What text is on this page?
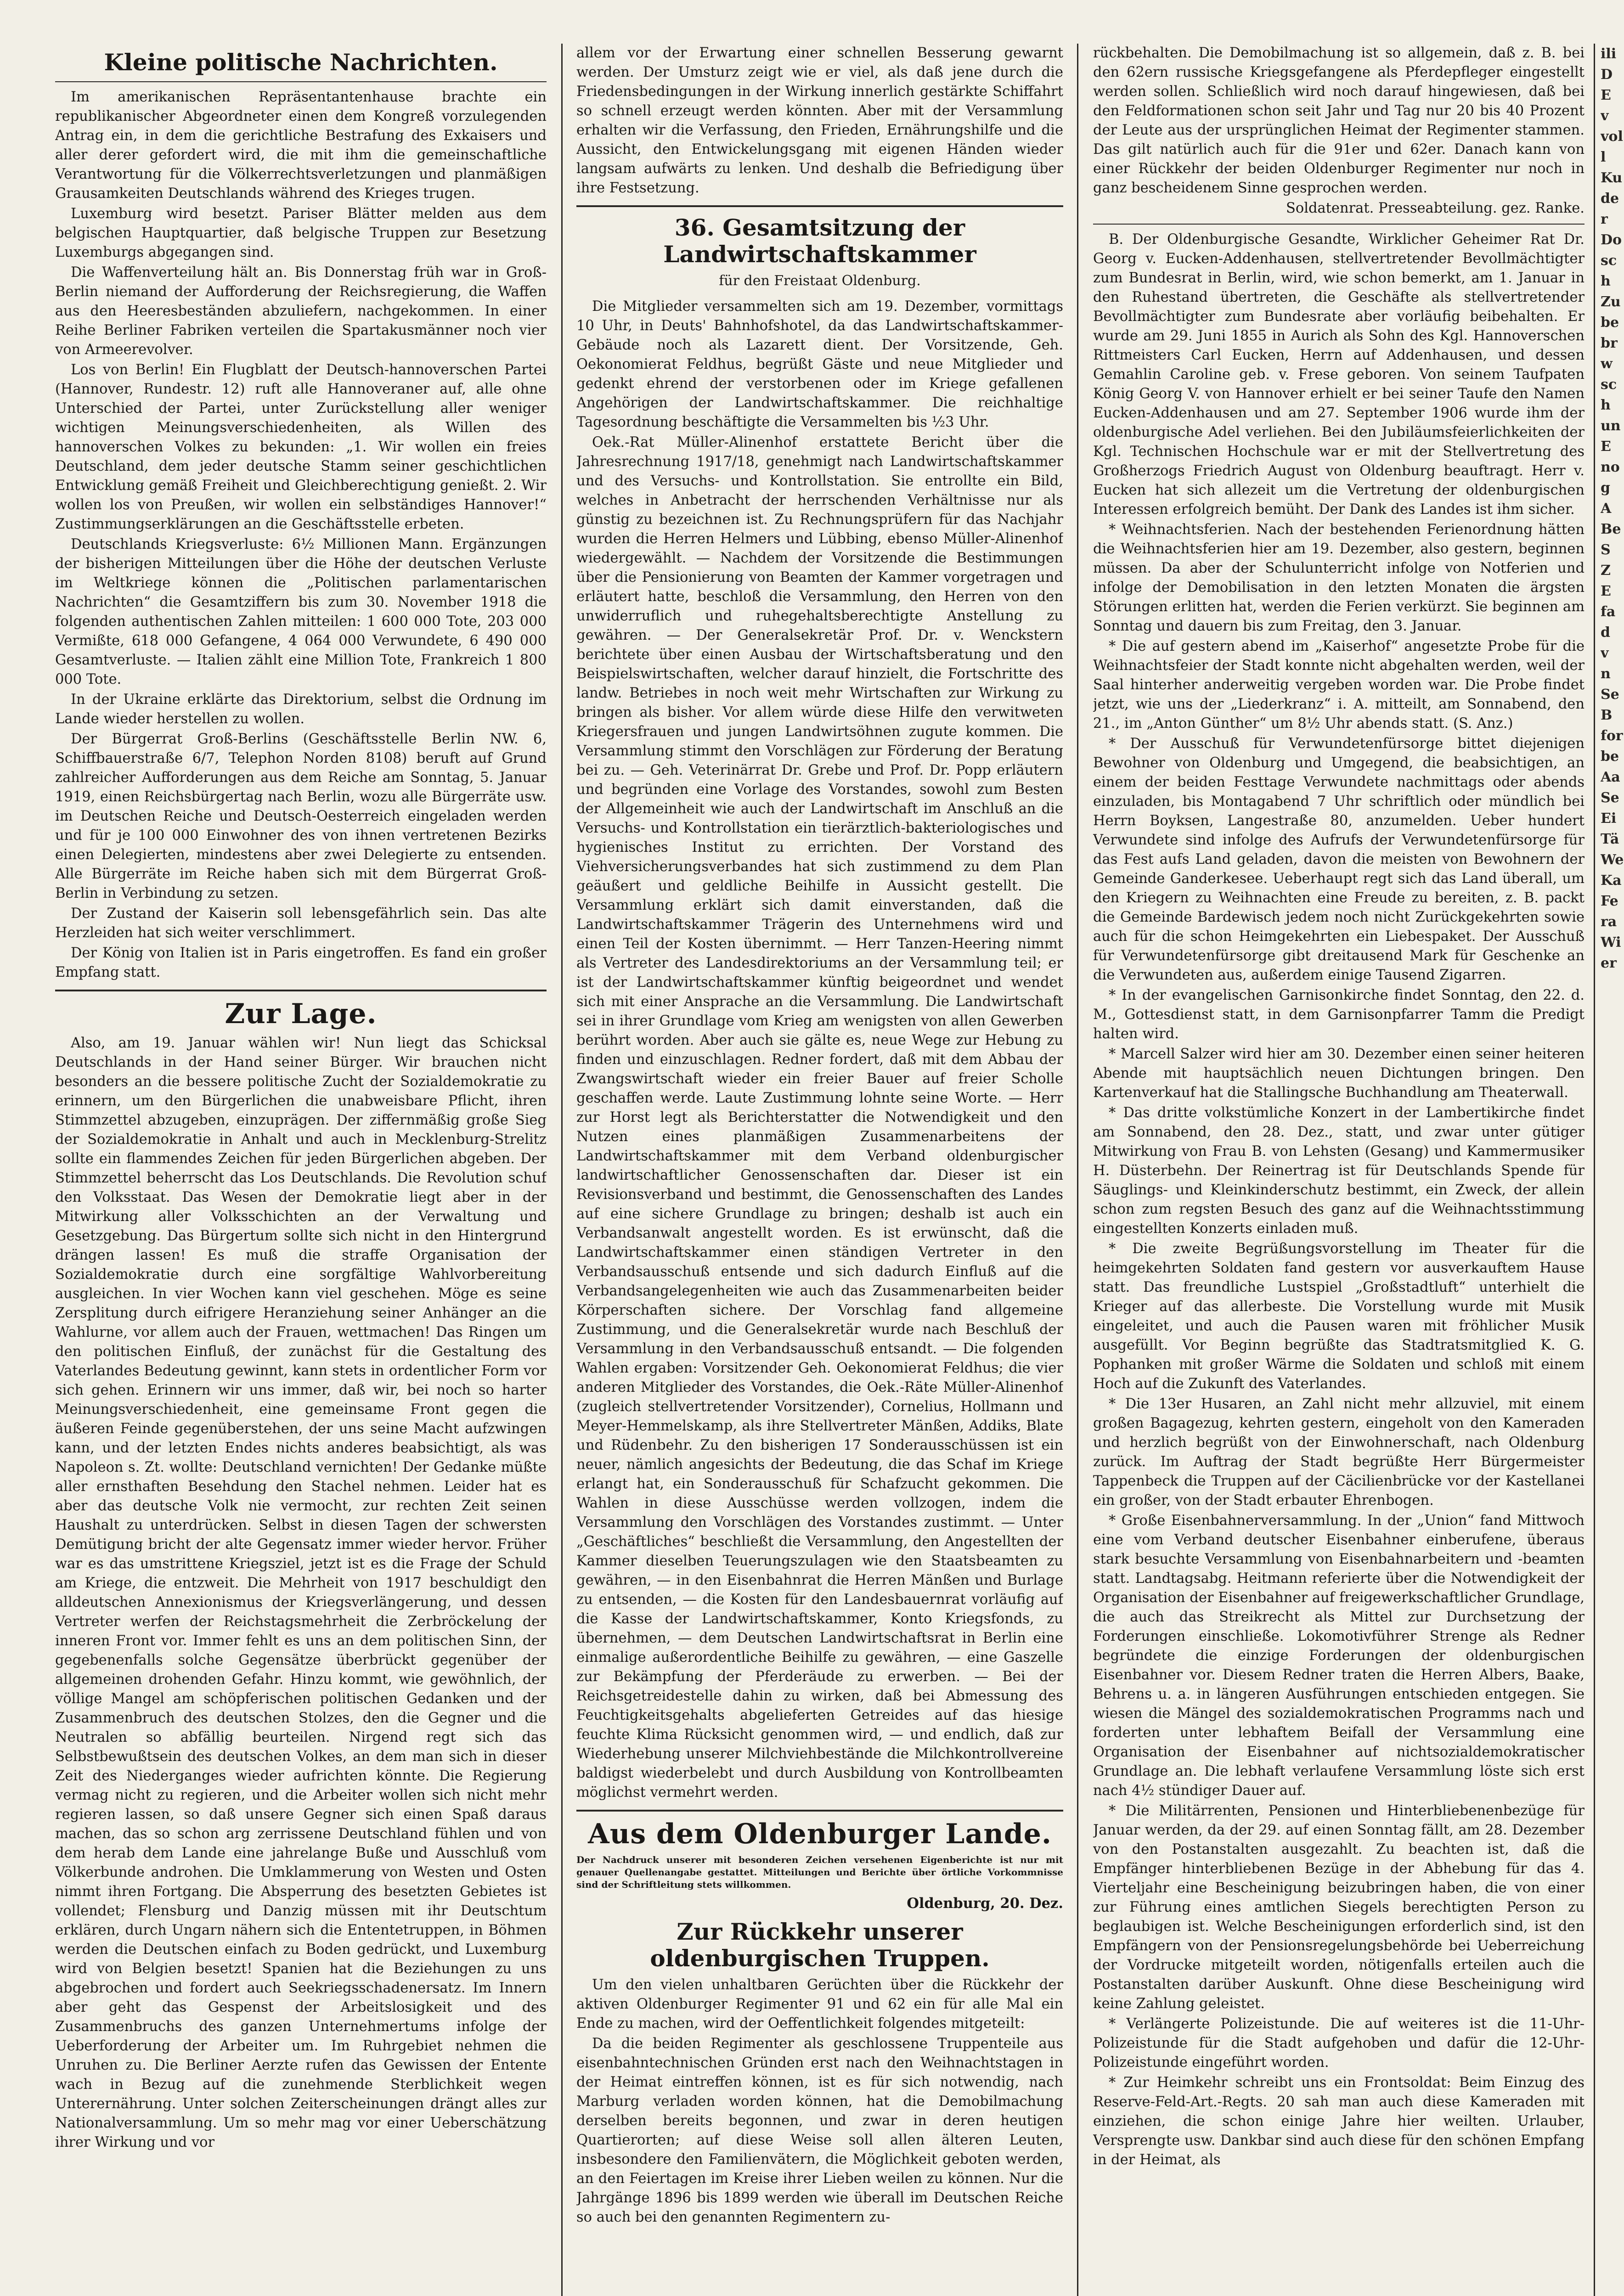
Kleine politische Nachrichten.

Im amerikanischen Repräsentantenhause brachte ein republikanischer Abgeordneter einen dem Kongreß vorzulegenden Antrag ein, in dem die gerichtliche Bestrafung des Exkaisers und aller derer gefordert wird, die mit ihm die gemeinschaftliche Verantwortung für die Völkerrechtsverletzungen und planmäßigen Grausamkeiten Deutschlands während des Krieges trugen.

Luxemburg wird besetzt. Pariser Blätter melden aus dem belgischen Hauptquartier, daß belgische Truppen zur Besetzung Luxemburgs abgegangen sind.

Die Waffenverteilung hält an. Bis Donnerstag früh war in Groß-Berlin niemand der Aufforderung der Reichsregierung, die Waffen aus den Heeresbeständen abzuliefern, nachgekommen. In einer Reihe Berliner Fabriken verteilen die Spartakusmänner noch vier von Armeerevolver.

Los von Berlin! Ein Flugblatt der Deutsch-hannoverschen Partei (Hannover, Rundestr. 12) ruft alle Hannoveraner auf, alle ohne Unterschied der Partei, unter Zurückstellung aller weniger wichtigen Meinungsverschiedenheiten, als Willen des hannoverschen Volkes zu bekunden: „1. Wir wollen ein freies Deutschland, dem jeder deutsche Stamm seiner geschichtlichen Entwicklung gemäß Freiheit und Gleichberechtigung genießt. 2. Wir wollen los von Preußen, wir wollen ein selbständiges Hannover!“ Zustimmungserklärungen an die Geschäftsstelle erbeten.

Deutschlands Kriegsverluste: 6½ Millionen Mann. Ergänzungen der bisherigen Mitteilungen über die Höhe der deutschen Verluste im Weltkriege können die „Politischen parlamentarischen Nachrichten“ die Gesamtziffern bis zum 30. November 1918 die folgenden authentischen Zahlen mitteilen: 1 600 000 Tote, 203 000 Vermißte, 618 000 Gefangene, 4 064 000 Verwundete, 6 490 000 Gesamtverluste. — Italien zählt eine Million Tote, Frankreich 1 800 000 Tote.

In der Ukraine erklärte das Direktorium, selbst die Ordnung im Lande wieder herstellen zu wollen.

Der Bürgerrat Groß-Berlins (Geschäftsstelle Berlin NW. 6, Schiffbauerstraße 6/7, Telephon Norden 8108) beruft auf Grund zahlreicher Aufforderungen aus dem Reiche am Sonntag, 5. Januar 1919, einen Reichsbürgertag nach Berlin, wozu alle Bürgerräte usw. im Deutschen Reiche und Deutsch-Oesterreich eingeladen werden und für je 100 000 Einwohner des von ihnen vertretenen Bezirks einen Delegierten, mindestens aber zwei Delegierte zu entsenden. Alle Bürgerräte im Reiche haben sich mit dem Bürgerrat Groß-Berlin in Verbindung zu setzen.

Der Zustand der Kaiserin soll lebensgefährlich sein. Das alte Herzleiden hat sich weiter verschlimmert.

Der König von Italien ist in Paris eingetroffen. Es fand ein großer Empfang statt.

Zur Lage.

Also, am 19. Januar wählen wir! Nun liegt das Schicksal Deutschlands in der Hand seiner Bürger. Wir brauchen nicht besonders an die bessere politische Zucht der Sozialdemokratie zu erinnern, um den Bürgerlichen die unabweisbare Pflicht, ihren Stimmzettel abzugeben, einzuprägen. Der ziffernmäßig große Sieg der Sozialdemokratie in Anhalt und auch in Mecklenburg-Strelitz sollte ein flammendes Zeichen für jeden Bürgerlichen abgeben. Der Stimmzettel beherrscht das Los Deutschlands. Die Revolution schuf den Volksstaat. Das Wesen der Demokratie liegt aber in der Mitwirkung aller Volksschichten an der Verwaltung und Gesetzgebung. Das Bürgertum sollte sich nicht in den Hintergrund drängen lassen! Es muß die straffe Organisation der Sozialdemokratie durch eine sorgfältige Wahlvorbereitung ausgleichen. In vier Wochen kann viel geschehen. Möge es seine Zersplitung durch eifrigere Heranziehung seiner Anhänger an die Wahlurne, vor allem auch der Frauen, wettmachen! Das Ringen um den politischen Einfluß, der zunächst für die Gestaltung des Vaterlandes Bedeutung gewinnt, kann stets in ordentlicher Form vor sich gehen. Erinnern wir uns immer, daß wir, bei noch so harter Meinungsverschiedenheit, eine gemeinsame Front gegen die äußeren Feinde gegenüberstehen, der uns seine Macht aufzwingen kann, und der letzten Endes nichts anderes beabsichtigt, als was Napoleon s. Zt. wollte: Deutschland vernichten! Der Gedanke müßte aller ernsthaften Besehdung den Stachel nehmen. Leider hat es aber das deutsche Volk nie vermocht, zur rechten Zeit seinen Haushalt zu unterdrücken. Selbst in diesen Tagen der schwersten Demütigung bricht der alte Gegensatz immer wieder hervor. Früher war es das umstrittene Kriegsziel, jetzt ist es die Frage der Schuld am Kriege, die entzweit. Die Mehrheit von 1917 beschuldigt den alldeutschen Annexionismus der Kriegsverlängerung, und dessen Vertreter werfen der Reichstagsmehrheit die Zerbröckelung der inneren Front vor. Immer fehlt es uns an dem politischen Sinn, der gegebenenfalls solche Gegensätze überbrückt gegenüber der allgemeinen drohenden Gefahr. Hinzu kommt, wie gewöhnlich, der völlige Mangel am schöpferischen politischen Gedanken und der Zusammenbruch des deutschen Stolzes, den die Gegner und die Neutralen so abfällig beurteilen. Nirgend regt sich das Selbstbewußtsein des deutschen Volkes, an dem man sich in dieser Zeit des Niederganges wieder aufrichten könnte. Die Regierung vermag nicht zu regieren, und die Arbeiter wollen sich nicht mehr regieren lassen, so daß unsere Gegner sich einen Spaß daraus machen, das so schon arg zerrissene Deutschland fühlen und von dem herab dem Lande eine jahrelange Buße und Ausschluß vom Völkerbunde androhen. Die Umklammerung von Westen und Osten nimmt ihren Fortgang. Die Absperrung des besetzten Gebietes ist vollendet; Flensburg und Danzig müssen mit ihr Deutschtum erklären, durch Ungarn nähern sich die Ententetruppen, in Böhmen werden die Deutschen einfach zu Boden gedrückt, und Luxemburg wird von Belgien besetzt! Spanien hat die Beziehungen zu uns abgebrochen und fordert auch Seekriegsschadenersatz. Im Innern aber geht das Gespenst der Arbeitslosigkeit und des Zusammenbruchs des ganzen Unternehmertums infolge der Ueberforderung der Arbeiter um. Im Ruhrgebiet nehmen die Unruhen zu. Die Berliner Aerzte rufen das Gewissen der Entente wach in Bezug auf die zunehmende Sterblichkeit wegen Unterernährung. Unter solchen Zeiterscheinungen drängt alles zur Nationalversammlung. Um so mehr mag vor einer Ueberschätzung ihrer Wirkung und vor

allem vor der Erwartung einer schnellen Besserung gewarnt werden. Der Umsturz zeigt wie er viel, als daß jene durch die Friedensbedingungen in der Wirkung innerlich gestärkte Schiffahrt so schnell erzeugt werden könnten. Aber mit der Versammlung erhalten wir die Verfassung, den Frieden, Ernährungshilfe und die Aussicht, den Entwickelungsgang mit eigenen Händen wieder langsam aufwärts zu lenken. Und deshalb die Befriedigung über ihre Festsetzung.

36. Gesamtsitzung der Landwirtschaftskammer
für den Freistaat Oldenburg.

Die Mitglieder versammelten sich am 19. Dezember, vormittags 10 Uhr, in Deuts' Bahnhofshotel, da das Landwirtschaftskammer-Gebäude noch als Lazarett dient. Der Vorsitzende, Geh. Oekonomierat Feldhus, begrüßt Gäste und neue Mitglieder und gedenkt ehrend der verstorbenen oder im Kriege gefallenen Angehörigen der Landwirtschaftskammer. Die reichhaltige Tagesordnung beschäftigte die Versammelten bis ½3 Uhr.

Oek.-Rat Müller-Alinenhof erstattete Bericht über die Jahresrechnung 1917/18, genehmigt nach Landwirtschaftskammer und des Versuchs- und Kontrollstation. Sie entrollte ein Bild, welches in Anbetracht der herrschenden Verhältnisse nur als günstig zu bezeichnen ist. Zu Rechnungsprüfern für das Nachjahr wurden die Herren Helmers und Lübbing, ebenso Müller-Alinenhof wiedergewählt. — Nachdem der Vorsitzende die Bestimmungen über die Pensionierung von Beamten der Kammer vorgetragen und erläutert hatte, beschloß die Versammlung, den Herren von den unwiderruflich und ruhegehaltsberechtigte Anstellung zu gewähren. — Der Generalsekretär Prof. Dr. v. Wenckstern berichtete über einen Ausbau der Wirtschaftsberatung und den Beispielswirtschaften, welcher darauf hinzielt, die Fortschritte des landw. Betriebes in noch weit mehr Wirtschaften zur Wirkung zu bringen als bisher. Vor allem würde diese Hilfe den verwitweten Kriegersfrauen und jungen Landwirtsöhnen zugute kommen. Die Versammlung stimmt den Vorschlägen zur Förderung der Beratung bei zu. — Geh. Veterinärrat Dr. Grebe und Prof. Dr. Popp erläutern und begründen eine Vorlage des Vorstandes, sowohl zum Besten der Allgemeinheit wie auch der Landwirtschaft im Anschluß an die Versuchs- und Kontrollstation ein tierärztlich-bakteriologisches und hygienisches Institut zu errichten. Der Vorstand des Viehversicherungsverbandes hat sich zustimmend zu dem Plan geäußert und geldliche Beihilfe in Aussicht gestellt. Die Versammlung erklärt sich damit einverstanden, daß die Landwirtschaftskammer Trägerin des Unternehmens wird und einen Teil der Kosten übernimmt. — Herr Tanzen-Heering nimmt als Vertreter des Landesdirektoriums an der Versammlung teil; er ist der Landwirtschaftskammer künftig beigeordnet und wendet sich mit einer Ansprache an die Versammlung. Die Landwirtschaft sei in ihrer Grundlage vom Krieg am wenigsten von allen Gewerben berührt worden. Aber auch sie gälte es, neue Wege zur Hebung zu finden und einzuschlagen. Redner fordert, daß mit dem Abbau der Zwangswirtschaft wieder ein freier Bauer auf freier Scholle geschaffen werde. Laute Zustimmung lohnte seine Worte. — Herr zur Horst legt als Berichterstatter die Notwendigkeit und den Nutzen eines planmäßigen Zusammenarbeitens der Landwirtschaftskammer mit dem Verband oldenburgischer landwirtschaftlicher Genossenschaften dar. Dieser ist ein Revisionsverband und bestimmt, die Genossenschaften des Landes auf eine sichere Grundlage zu bringen; deshalb ist auch ein Verbandsanwalt angestellt worden. Es ist erwünscht, daß die Landwirtschaftskammer einen ständigen Vertreter in den Verbandsausschuß entsende und sich dadurch Einfluß auf die Verbandsangelegenheiten wie auch das Zusammenarbeiten beider Körperschaften sichere. Der Vorschlag fand allgemeine Zustimmung, und die Generalsekretär wurde nach Beschluß der Versammlung in den Verbandsausschuß entsandt. — Die folgenden Wahlen ergaben: Vorsitzender Geh. Oekonomierat Feldhus; die vier anderen Mitglieder des Vorstandes, die Oek.-Räte Müller-Alinenhof (zugleich stellvertretender Vorsitzender), Cornelius, Hollmann und Meyer-Hemmelskamp, als ihre Stellvertreter Mänßen, Addiks, Blate und Rüdenbehr. Zu den bisherigen 17 Sonderausschüssen ist ein neuer, nämlich angesichts der Bedeutung, die das Schaf im Kriege erlangt hat, ein Sonderausschuß für Schafzucht gekommen. Die Wahlen in diese Ausschüsse werden vollzogen, indem die Versammlung den Vorschlägen des Vorstandes zustimmt. — Unter „Geschäftliches“ beschließt die Versammlung, den Angestellten der Kammer dieselben Teuerungszulagen wie den Staatsbeamten zu gewähren, — in den Eisenbahnrat die Herren Mänßen und Burlage zu entsenden, — die Kosten für den Landesbauernrat vorläufig auf die Kasse der Landwirtschaftskammer, Konto Kriegsfonds, zu übernehmen, — dem Deutschen Landwirtschaftsrat in Berlin eine einmalige außerordentliche Beihilfe zu gewähren, — eine Gaszelle zur Bekämpfung der Pferderäude zu erwerben. — Bei der Reichsgetreidestelle dahin zu wirken, daß bei Abmessung des Feuchtigkeitsgehalts abgelieferten Getreides auf das hiesige feuchte Klima Rücksicht genommen wird, — und endlich, daß zur Wiederhebung unserer Milchviehbestände die Milchkontrollvereine baldigst wiederbelebt und durch Ausbildung von Kontrollbeamten möglichst vermehrt werden.

Aus dem Oldenburger Lande.
Der Nachdruck unserer mit besonderen Zeichen versehenen Eigenberichte ist nur mit genauer Quellenangabe gestattet. Mitteilungen und Berichte über örtliche Vorkommnisse sind der Schriftleitung stets willkommen.
Oldenburg, 20. Dez.
Zur Rückkehr unserer oldenburgischen Truppen.

Um den vielen unhaltbaren Gerüchten über die Rückkehr der aktiven Oldenburger Regimenter 91 und 62 ein für alle Mal ein Ende zu machen, wird der Oeffentlichkeit folgendes mitgeteilt:

Da die beiden Regimenter als geschlossene Truppenteile aus eisenbahntechnischen Gründen erst nach den Weihnachtstagen in der Heimat eintreffen können, ist es für sich notwendig, nach Marburg verladen worden können, hat die Demobilmachung derselben bereits begonnen, und zwar in deren heutigen Quartierorten; auf diese Weise soll allen älteren Leuten, insbesondere den Familienvätern, die Möglichkeit geboten werden, an den Feiertagen im Kreise ihrer Lieben weilen zu können. Nur die Jahrgänge 1896 bis 1899 werden wie überall im Deutschen Reiche so auch bei den genannten Regimentern zu-

rückbehalten. Die Demobilmachung ist so allgemein, daß z. B. bei den 62ern russische Kriegsgefangene als Pferdepfleger eingestellt werden sollen. Schließlich wird noch darauf hingewiesen, daß bei den Feldformationen schon seit Jahr und Tag nur 20 bis 40 Prozent der Leute aus der ursprünglichen Heimat der Regimenter stammen. Das gilt natürlich auch für die 91er und 62er. Danach kann von einer Rückkehr der beiden Oldenburger Regimenter nur noch in ganz bescheidenem Sinne gesprochen werden.

Soldatenrat. Presseabteilung. gez. Ranke.

B. Der Oldenburgische Gesandte, Wirklicher Geheimer Rat Dr. Georg v. Eucken-Addenhausen, stellvertretender Bevollmächtigter zum Bundesrat in Berlin, wird, wie schon bemerkt, am 1. Januar in den Ruhestand übertreten, die Geschäfte als stellvertretender Bevollmächtigter zum Bundesrate aber vorläufig beibehalten. Er wurde am 29. Juni 1855 in Aurich als Sohn des Kgl. Hannoverschen Rittmeisters Carl Eucken, Herrn auf Addenhausen, und dessen Gemahlin Caroline geb. v. Frese geboren. Von seinem Taufpaten König Georg V. von Hannover erhielt er bei seiner Taufe den Namen Eucken-Addenhausen und am 27. September 1906 wurde ihm der oldenburgische Adel verliehen. Bei den Jubiläumsfeierlichkeiten der Kgl. Technischen Hochschule war er mit der Stellvertretung des Großherzogs Friedrich August von Oldenburg beauftragt. Herr v. Eucken hat sich allezeit um die Vertretung der oldenburgischen Interessen erfolgreich bemüht. Der Dank des Landes ist ihm sicher.

* Weihnachtsferien. Nach der bestehenden Ferienordnung hätten die Weihnachtsferien hier am 19. Dezember, also gestern, beginnen müssen. Da aber der Schulunterricht infolge von Notferien und infolge der Demobilisation in den letzten Monaten die ärgsten Störungen erlitten hat, werden die Ferien verkürzt. Sie beginnen am Sonntag und dauern bis zum Freitag, den 3. Januar.

* Die auf gestern abend im „Kaiserhof“ angesetzte Probe für die Weihnachtsfeier der Stadt konnte nicht abgehalten werden, weil der Saal hinterher anderweitig vergeben worden war. Die Probe findet jetzt, wie uns der „Liederkranz“ i. A. mitteilt, am Sonnabend, den 21., im „Anton Günther“ um 8½ Uhr abends statt. (S. Anz.)

* Der Ausschuß für Verwundetenfürsorge bittet diejenigen Bewohner von Oldenburg und Umgegend, die beabsichtigen, an einem der beiden Festtage Verwundete nachmittags oder abends einzuladen, bis Montagabend 7 Uhr schriftlich oder mündlich bei Herrn Boyksen, Langestraße 80, anzumelden. Ueber hundert Verwundete sind infolge des Aufrufs der Verwundetenfürsorge für das Fest aufs Land geladen, davon die meisten von Bewohnern der Gemeinde Ganderkesee. Ueberhaupt regt sich das Land überall, um den Kriegern zu Weihnachten eine Freude zu bereiten, z. B. packt die Gemeinde Bardewisch jedem noch nicht Zurückgekehrten sowie auch für die schon Heimgekehrten ein Liebespaket. Der Ausschuß für Verwundetenfürsorge gibt dreitausend Mark für Geschenke an die Verwundeten aus, außerdem einige Tausend Zigarren.

* In der evangelischen Garnisonkirche findet Sonntag, den 22. d. M., Gottesdienst statt, in dem Garnisonpfarrer Tamm die Predigt halten wird.

* Marcell Salzer wird hier am 30. Dezember einen seiner heiteren Abende mit hauptsächlich neuen Dichtungen bringen. Den Kartenverkauf hat die Stallingsche Buchhandlung am Theaterwall.

* Das dritte volkstümliche Konzert in der Lambertikirche findet am Sonnabend, den 28. Dez., statt, und zwar unter gütiger Mitwirkung von Frau B. von Lehsten (Gesang) und Kammermusiker H. Düsterbehn. Der Reinertrag ist für Deutschlands Spende für Säuglings- und Kleinkinderschutz bestimmt, ein Zweck, der allein schon zum regsten Besuch des ganz auf die Weihnachtsstimmung eingestellten Konzerts einladen muß.

* Die zweite Begrüßungsvorstellung im Theater für die heimgekehrten Soldaten fand gestern vor ausverkauftem Hause statt. Das freundliche Lustspiel „Großstadtluft“ unterhielt die Krieger auf das allerbeste. Die Vorstellung wurde mit Musik eingeleitet, und auch die Pausen waren mit fröhlicher Musik ausgefüllt. Vor Beginn begrüßte das Stadtratsmitglied K. G. Pophanken mit großer Wärme die Soldaten und schloß mit einem Hoch auf die Zukunft des Vaterlandes.

* Die 13er Husaren, an Zahl nicht mehr allzuviel, mit einem großen Bagagezug, kehrten gestern, eingeholt von den Kameraden und herzlich begrüßt von der Einwohnerschaft, nach Oldenburg zurück. Im Auftrag der Stadt begrüßte Herr Bürgermeister Tappenbeck die Truppen auf der Cäcilienbrücke vor der Kastellanei ein großer, von der Stadt erbauter Ehrenbogen.

* Große Eisenbahnerversammlung. In der „Union“ fand Mittwoch eine vom Verband deutscher Eisenbahner einberufene, überaus stark besuchte Versammlung von Eisenbahnarbeitern und -beamten statt. Landtagsabg. Heitmann referierte über die Notwendigkeit der Organisation der Eisenbahner auf freigewerkschaftlicher Grundlage, die auch das Streikrecht als Mittel zur Durchsetzung der Forderungen einschließe. Lokomotivführer Strenge als Redner begründete die einzige Forderungen der oldenburgischen Eisenbahner vor. Diesem Redner traten die Herren Albers, Baake, Behrens u. a. in längeren Ausführungen entschieden entgegen. Sie wiesen die Mängel des sozialdemokratischen Programms nach und forderten unter lebhaftem Beifall der Versammlung eine Organisation der Eisenbahner auf nichtsozialdemokratischer Grundlage an. Die lebhaft verlaufene Versammlung löste sich erst nach 4½ stündiger Dauer auf.

* Die Militärrenten, Pensionen und Hinterbliebenenbezüge für Januar werden, da der 29. auf einen Sonntag fällt, am 28. Dezember von den Postanstalten ausgezahlt. Zu beachten ist, daß die Empfänger hinterbliebenen Bezüge in der Abhebung für das 4. Vierteljahr eine Bescheinigung beizubringen haben, die von einer zur Führung eines amtlichen Siegels berechtigten Person zu beglaubigen ist. Welche Bescheinigungen erforderlich sind, ist den Empfängern von der Pensionsregelungsbehörde bei Ueberreichung der Vordrucke mitgeteilt worden, nötigenfalls erteilen auch die Postanstalten darüber Auskunft. Ohne diese Bescheinigung wird keine Zahlung geleistet.

* Verlängerte Polizeistunde. Die auf weiteres ist die 11-Uhr-Polizeistunde für die Stadt aufgehoben und dafür die 12-Uhr-Polizeistunde eingeführt worden.

* Zur Heimkehr schreibt uns ein Frontsoldat: Beim Einzug des Reserve-Feld-Art.-Regts. 20 sah man auch diese Kameraden mit einziehen, die schon einige Jahre hier weilten. Urlauber, Versprengte usw. Dankbar sind auch diese für den schönen Empfang in der Heimat, als

ili
D
E
v
voll
Ku
der
Do
sch
Zu
be
br
w
sch
un
E
no
g
A
Be
S
Z
E
fa
d
v
n
Se
B
for
be
Aa
Se
Ei
Tä
We
Ka
Fe
ra
Wi
er
